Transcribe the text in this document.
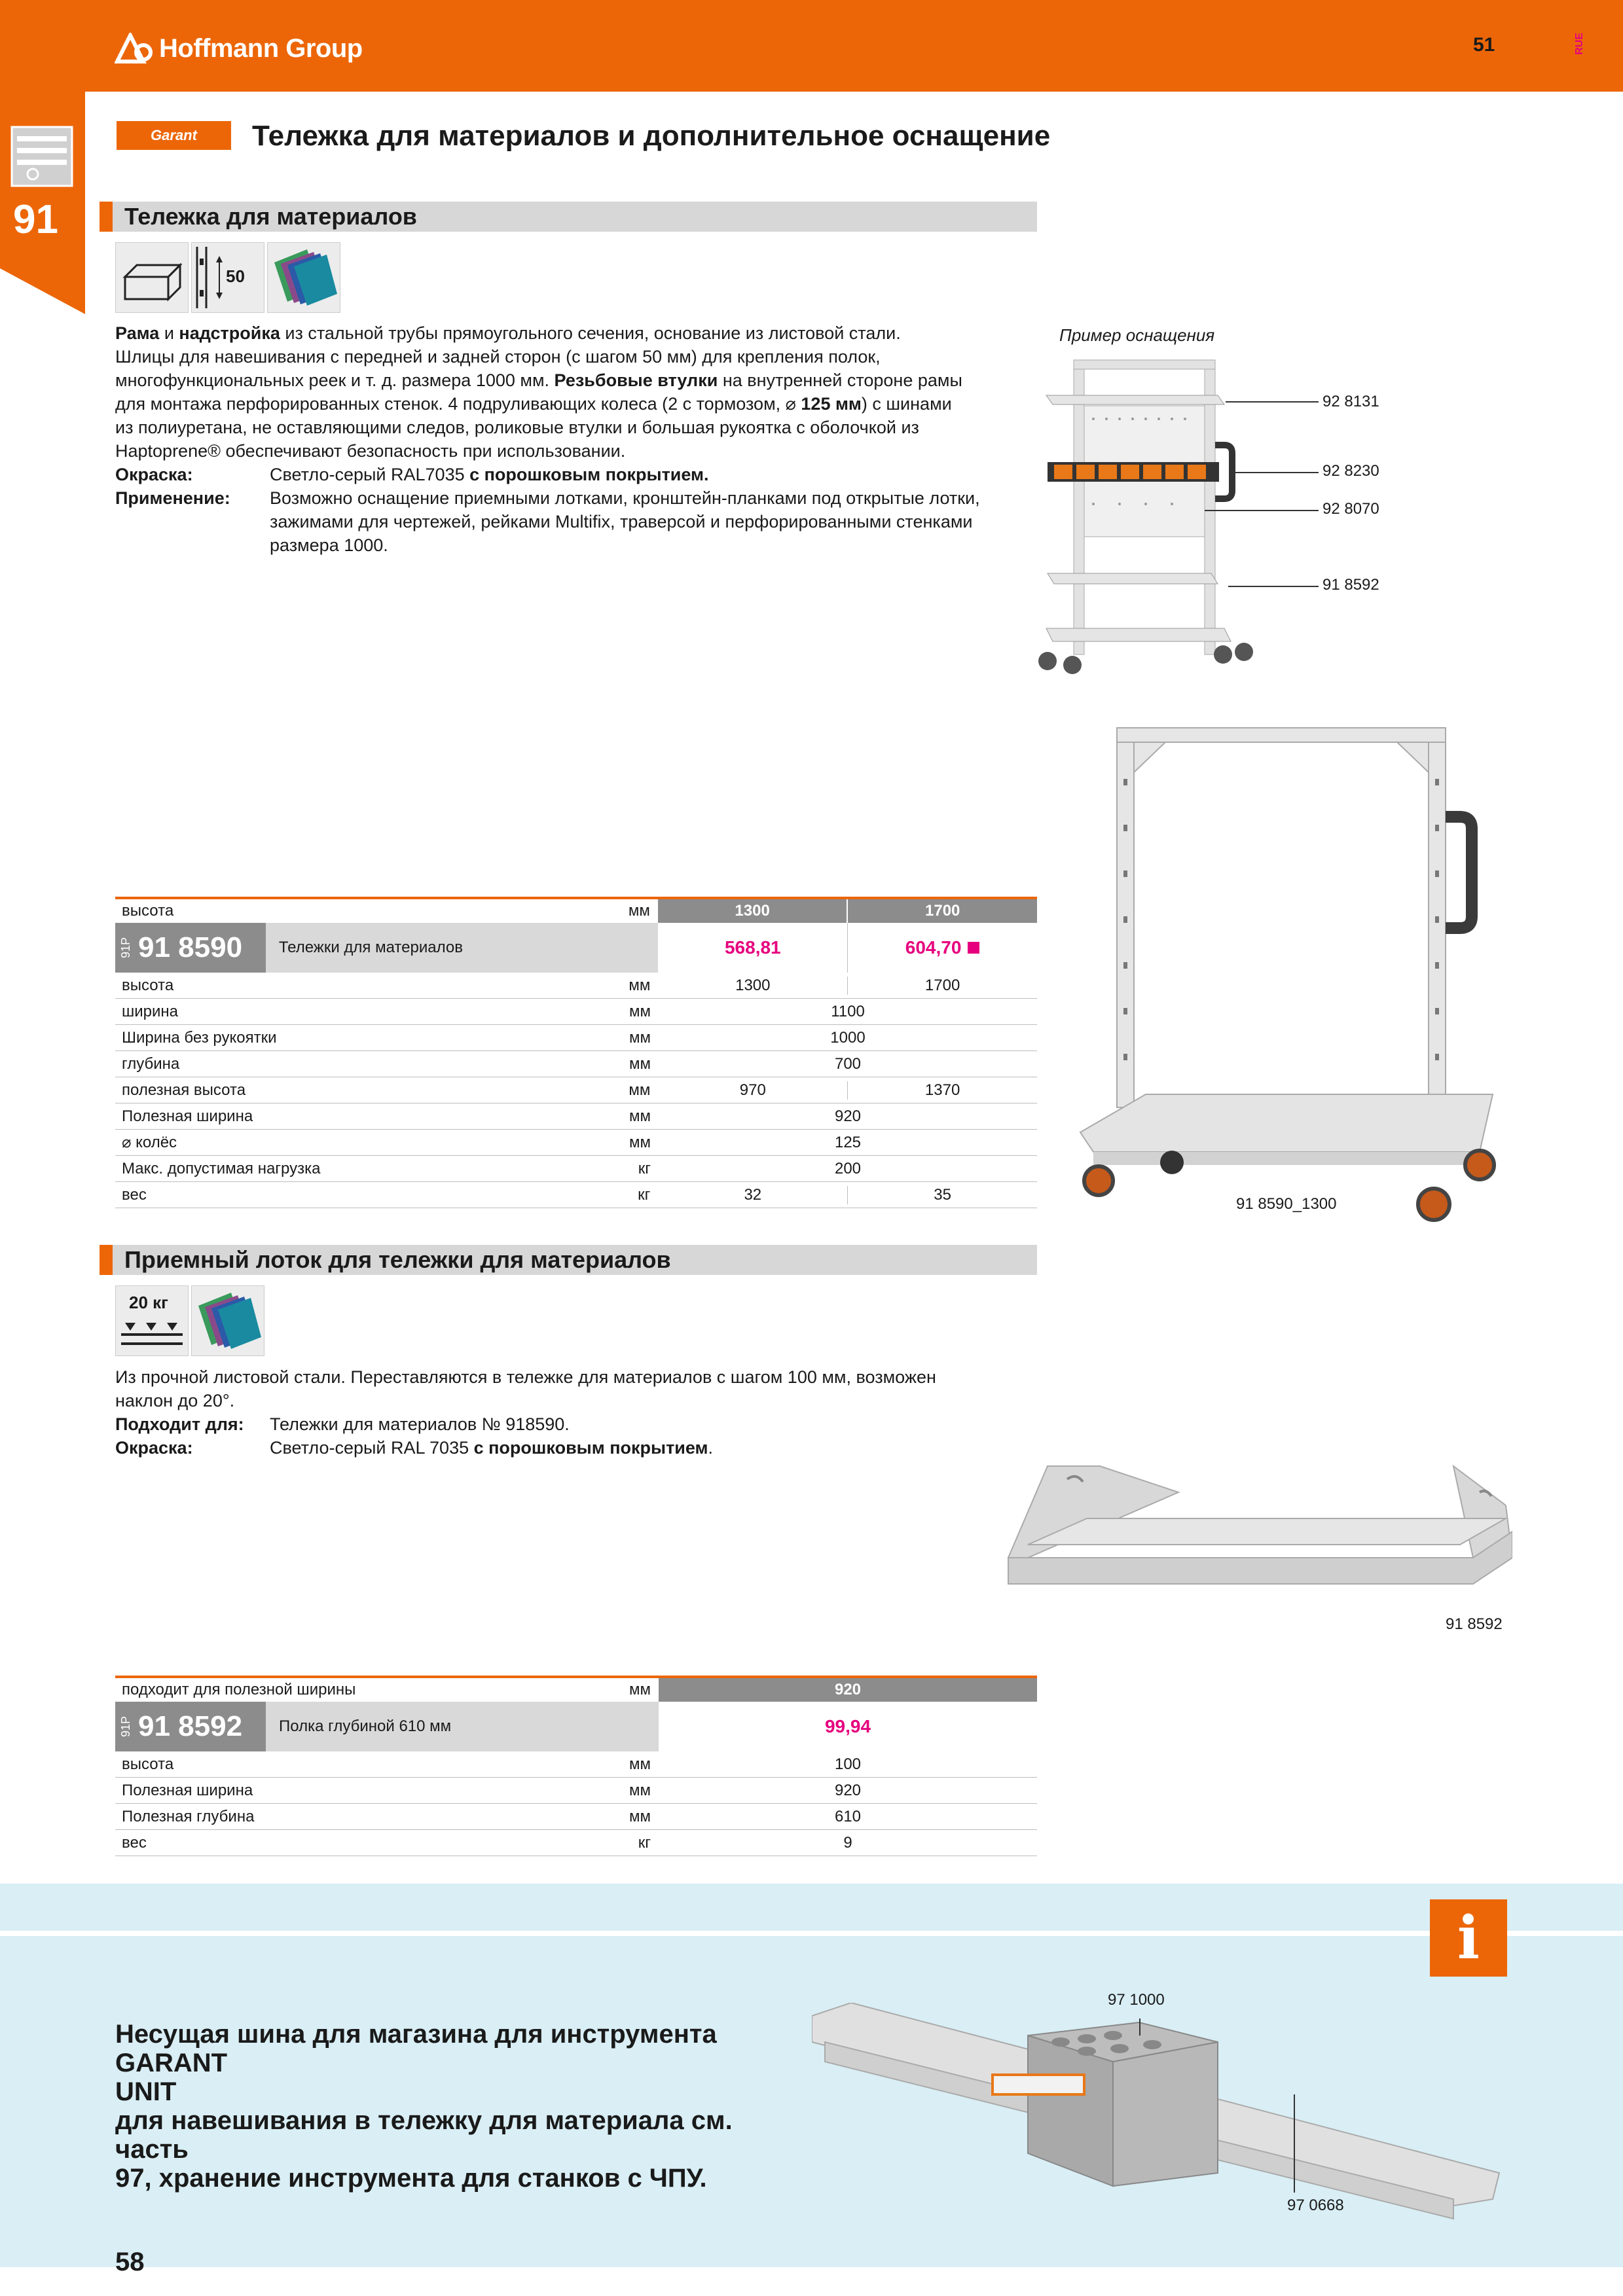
Hoffmann Group	51	RUE
91
Garant Тележка для материалов и дополнительное оснащение
Тележка для материалов
50
Рама и надстройка из стальной трубы прямоугольного сечения, основание из листовой стали.
Шлицы для навешивания с передней и задней сторон (с шагом 50 мм) для крепления полок,
многофункциональных реек и т. д. размера 1000 мм. Резьбовые втулки на внутренней стороне рамы
для монтажа перфорированных стенок. 4 подруливающих колеса (2 с тормозом, ⌀ 125 мм) с шинами
из полиуретана, не оставляющими следов, роликовые втулки и большая рукоятка с оболочкой из
Haptoprene® обеспечивают безопасность при использовании.
Окраска:	Светло-серый RAL7035 с порошковым покрытием.
Применение:	Возможно оснащение приемными лотками, кронштейн-планками под открытые лотки,
зажимами для чертежей, рейками Multifix, траверсой и перфорированными стенками
размера 1000.
Пример оснащения
92 8131
92 8230
92 8070
91 8592
91 8590_1300
высота	мм	1300	1700
91P 91 8590	Тележки для материалов	568,81	604,70
высота	мм	1300	1700
ширина	мм	1100
Ширина без рукоятки	мм	1000
глубина	мм	700
полезная высота	мм	970	1370
Полезная ширина	мм	920
⌀ колёс	мм	125
Макс. допустимая нагрузка	кг	200
вес	кг	32	35
Приемный лоток для тележки для материалов
20 кг
Из прочной листовой стали. Переставляются в тележке для материалов с шагом 100 мм, возможен
наклон до 20°.
Подходит для:	Тележки для материалов № 918590.
Окраска:	Светло-серый RAL 7035 с порошковым покрытием.
91 8592
подходит для полезной ширины	мм	920
91P 91 8592	Полка глубиной 610 мм	99,94
высота	мм	100
Полезная ширина	мм	920
Полезная глубина	мм	610
вес	кг	9
i
Несущая шина для магазина для инструмента GARANT
UNIT
для навешивания в тележку для материала см. часть
97, хранение инструмента для станков с ЧПУ.
97 1000
97 0668
58
